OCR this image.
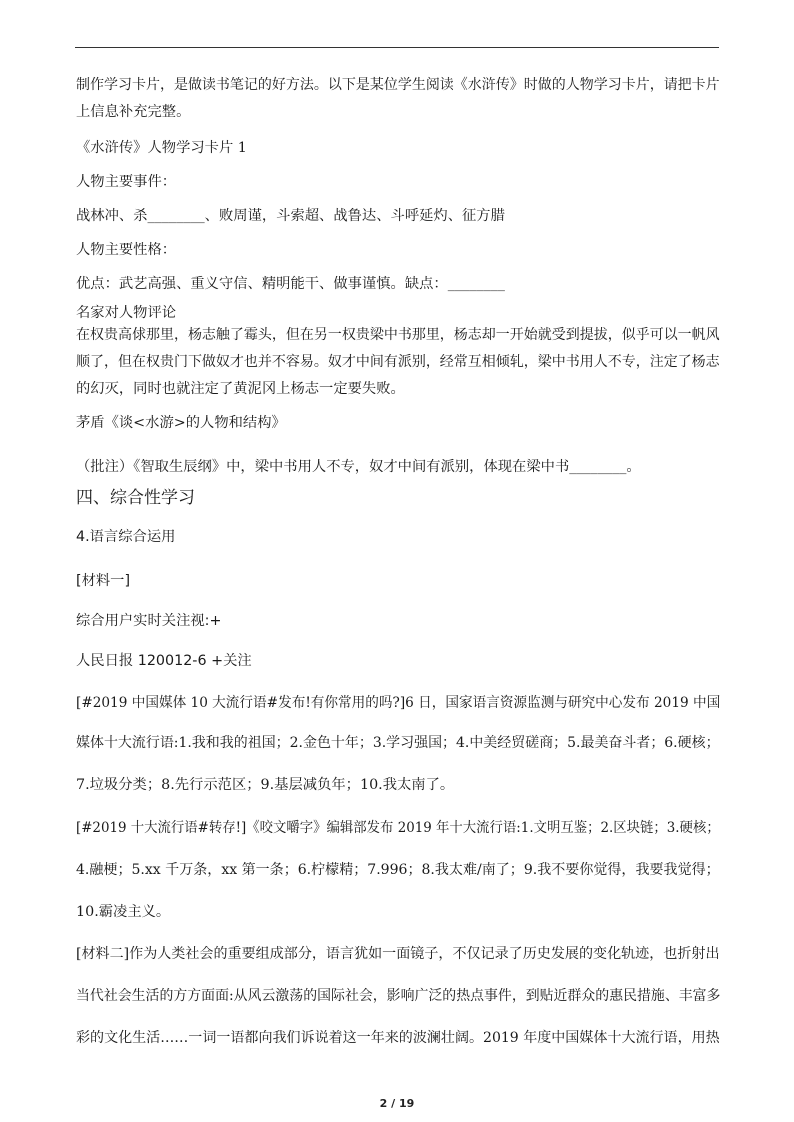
制作学习卡片，是做读书笔记的好方法。以下是某位学生阅读《水浒传》时做的人物学习卡片，请把卡片
上信息补充完整。
《水浒传》人物学习卡片 1
人物主要事件：
战林冲、杀________、败周谨，斗索超、战鲁达、斗呼延灼、征方腊
人物主要性格：
优点：武艺高强、重义守信、精明能干、做事谨慎。缺点：________
名家对人物评论
在权贵高俅那里，杨志触了霉头，但在另一权贵梁中书那里，杨志却一开始就受到提拔，似乎可以一帆风
顺了，但在权贵门下做奴才也并不容易。奴才中间有派别，经常互相倾轧，梁中书用人不专，注定了杨志
的幻灭，同时也就注定了黄泥冈上杨志一定要失败。
茅盾《谈<水游>的人物和结构》
（批注）《智取生辰纲》中，梁中书用人不专，奴才中间有派别，体现在梁中书________。
四、综合性学习
4.语言综合运用
[材料一]
综合用户实时关注视:+
人民日报 120012-6 +关注
[#2019 中国媒体 10 大流行语#发布!有你常用的吗?]6 日，国家语言资源监测与研究中心发布 2019 中国
媒体十大流行语:1.我和我的祖国；2.金色十年；3.学习强国；4.中美经贸磋商；5.最美奋斗者；6.硬核；
7.垃圾分类；8.先行示范区；9.基层减负年；10.我太南了。
[#2019 十大流行语#转存!]《咬文嚼字》编辑部发布 2019 年十大流行语:1.文明互鉴；2.区块链；3.硬核；
4.融梗；5.xx 千万条，xx 第一条；6.柠檬精；7.996；8.我太难/南了；9.我不要你觉得，我要我觉得；
10.霸凌主义。
[材料二]作为人类社会的重要组成部分，语言犹如一面镜子，不仅记录了历史发展的变化轨迹，也折射出
当代社会生活的方方面面:从风云激荡的国际社会，影响广泛的热点事件，到贴近群众的惠民措施、丰富多
彩的文化生活……一词一语都向我们诉说着这一年来的波澜壮阔。2019 年度中国媒体十大流行语，用热
2 / 19
